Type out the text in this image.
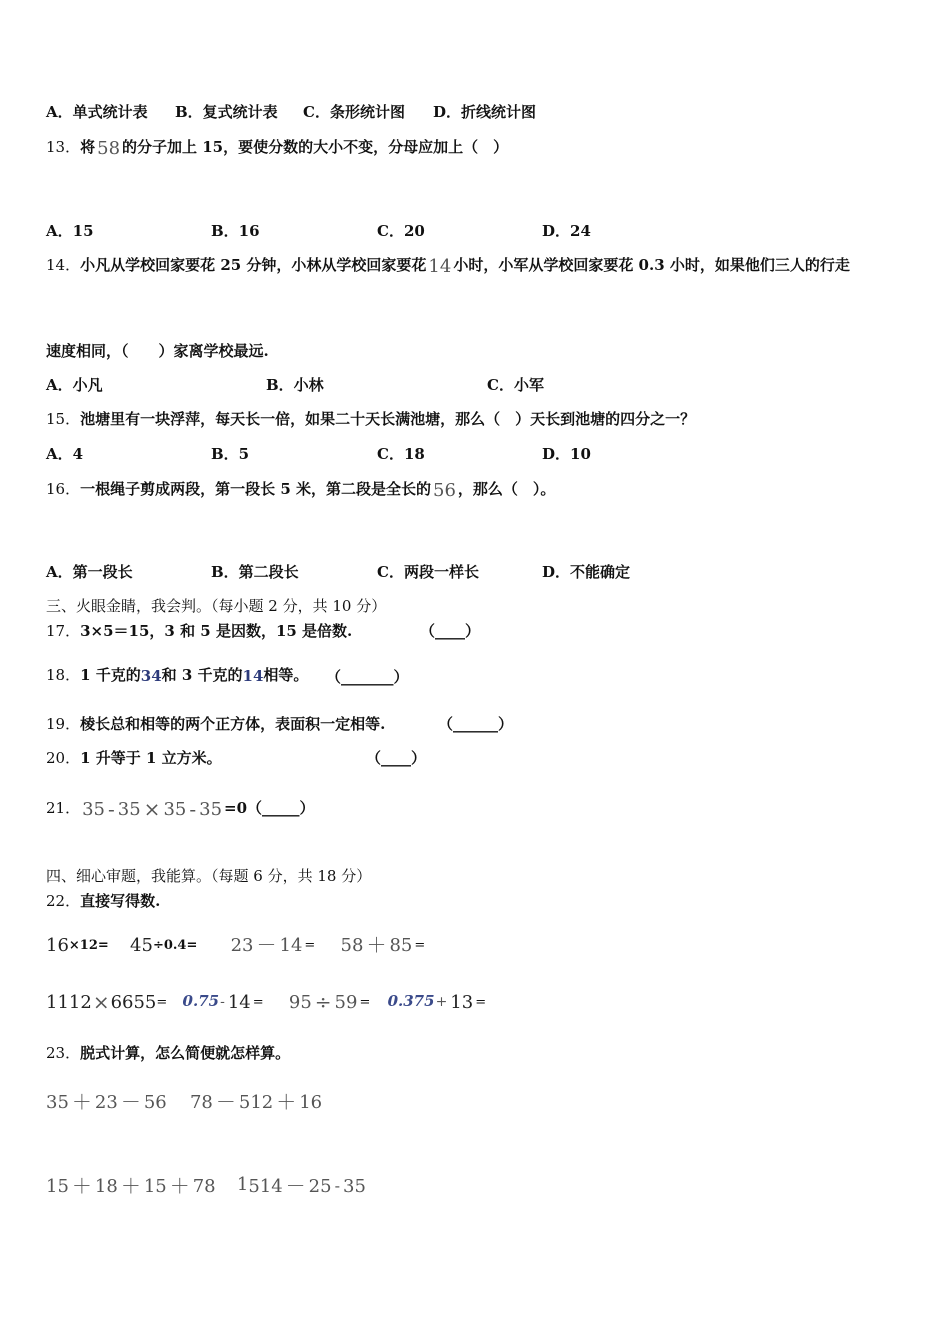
A．单式统计表 B．复式统计表 C．条形统计图 D．折线统计图
13．将 58 的分子加上 15，要使分数的大小不变，分母应加上（　）
A．15	B．16	C．20	D．24
14．小凡从学校回家要花 25 分钟，小林从学校回家要花 14 小时，小军从学校回家要花 0.3 小时，如果他们三人的行走
速度相同，（　　）家离学校最远.
A．小凡	B．小林	C．小军
15．池塘里有一块浮萍，每天长一倍，如果二十天长满池塘，那么（　）天长到池塘的四分之一？
A．4	B．5	C．18	D．10
16．一根绳子剪成两段，第一段长 5 米，第二段是全长的 56 ，那么（　）。
A．第一段长	B．第二段长	C．两段一样长	D．不能确定
三、火眼金睛，我会判。（每小题 2 分，共 10 分）
17．3×5＝15，3 和 5 是因数，15 是倍数.	（____）
18．1 千克的34和 3 千克的14相等。 （_______）
19．棱长总和相等的两个正方体，表面积一定相等.	（______）
20．1 升等于 1 立方米。	（____）
21． 35 - 35 × 35 - 35 =0（_____）
四、细心审题，我能算。（每题 6 分，共 18 分）
22．直接写得数.
16×12= 45÷0.4= 23 － 14 = 58 ＋ 85 =
1112×6655= 0.75- 14 = 95 ÷ 59 = 0.375+ 13 =
23．脱式计算，怎么简便就怎样算。
35 ＋ 23 － 56 78 － 512 ＋ 16
15 ＋ 18 ＋ 15 ＋ 78 1514 － 25 - 35
